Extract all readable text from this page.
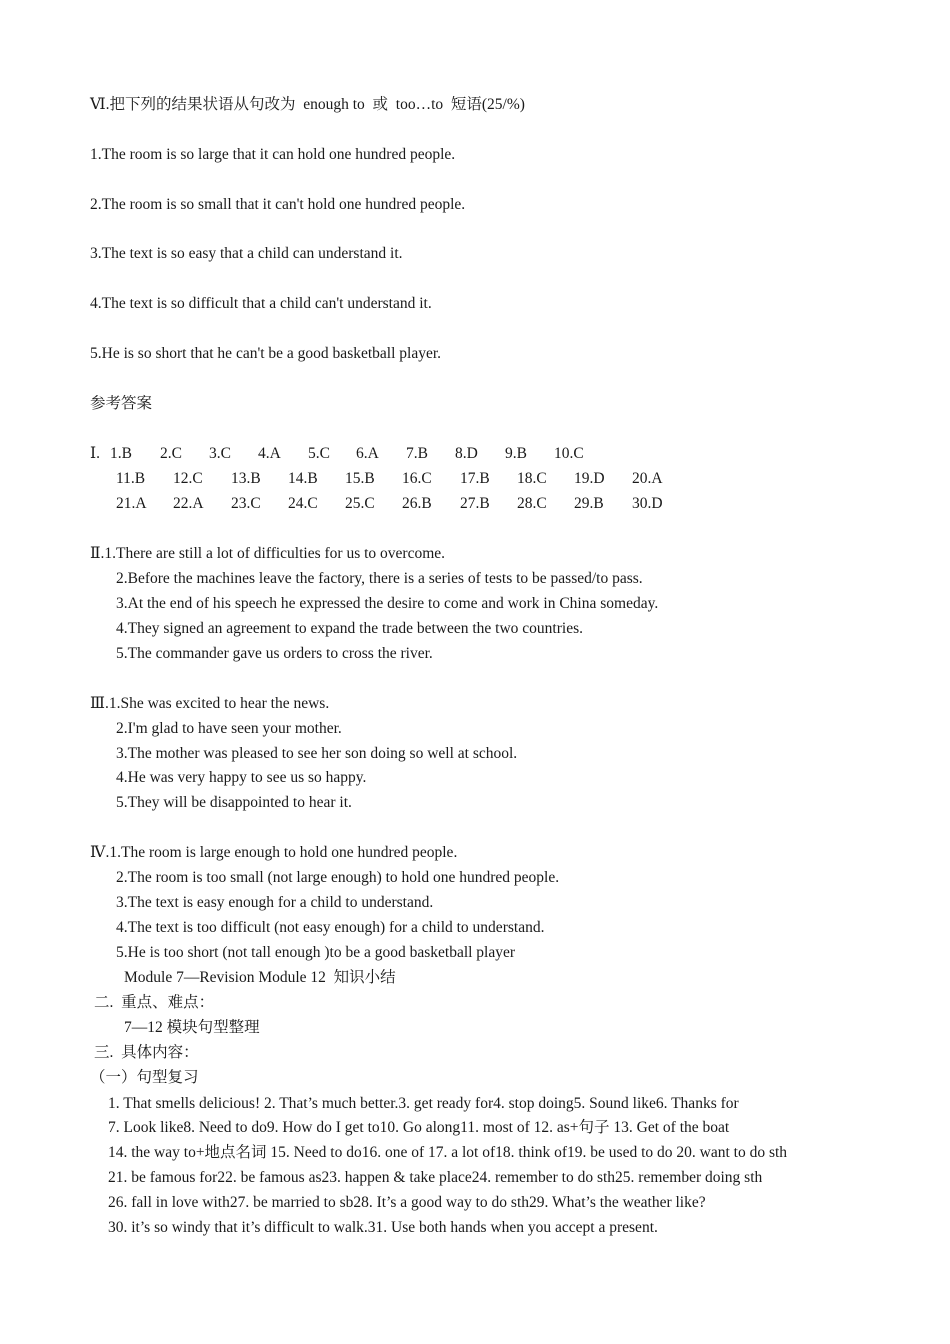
Ⅵ.把下列的结果状语从句改为  enough to  或  too…to  短语(25/%)
1.The room is so large that it can hold one hundred people.
2.The room is so small that it can't hold one hundred people.
3.The text is so easy that a child can understand it.
4.The text is so difficult that a child can't understand it.
5.He is so short that he can't be a good basketball player.
参考答案
Ⅰ. 1.B 2.C 3.C 4.A 5.C 6.A 7.B 8.D 9.B 10.C
11.B 12.C 13.B 14.B 15.B 16.C 17.B 18.C 19.D 20.A
21.A 22.A 23.C 24.C 25.C 26.B 27.B 28.C 29.B 30.D
Ⅱ.1.There are still a lot of difficulties for us to overcome.
2.Before the machines leave the factory, there is a series of tests to be passed/to pass.
3.At the end of his speech he expressed the desire to come and work in China someday.
4.They signed an agreement to expand the trade between the two countries.
5.The commander gave us orders to cross the river.
Ⅲ.1.She was excited to hear the news.
2.I'm glad to have seen your mother.
3.The mother was pleased to see her son doing so well at school.
4.He was very happy to see us so happy.
5.They will be disappointed to hear it.
Ⅳ.1.The room is large enough to hold one hundred people.
2.The room is too small (not large enough) to hold one hundred people.
3.The text is easy enough for a child to understand.
4.The text is too difficult (not easy enough) for a child to understand.
5.He is too short (not tall enough )to be a good basketball player
Module 7—Revision Module 12  知识小结
二.  重点、难点：
7—12 模块句型整理
三.  具体内容：
（一）句型复习
1. That smells delicious! 2. That’s much better.3. get ready for4. stop doing5. Sound like6. Thanks for
7. Look like8. Need to do9. How do I get to10. Go along11. most of 12. as+句子 13. Get of the boat
14. the way to+地点名词 15. Need to do16. one of 17. a lot of18. think of19. be used to do 20. want to do sth
21. be famous for22. be famous as23. happen & take place24. remember to do sth25. remember doing sth
26. fall in love with27. be married to sb28. It’s a good way to do sth29. What’s the weather like?
30. it’s so windy that it’s difficult to walk.31. Use both hands when you accept a present.
